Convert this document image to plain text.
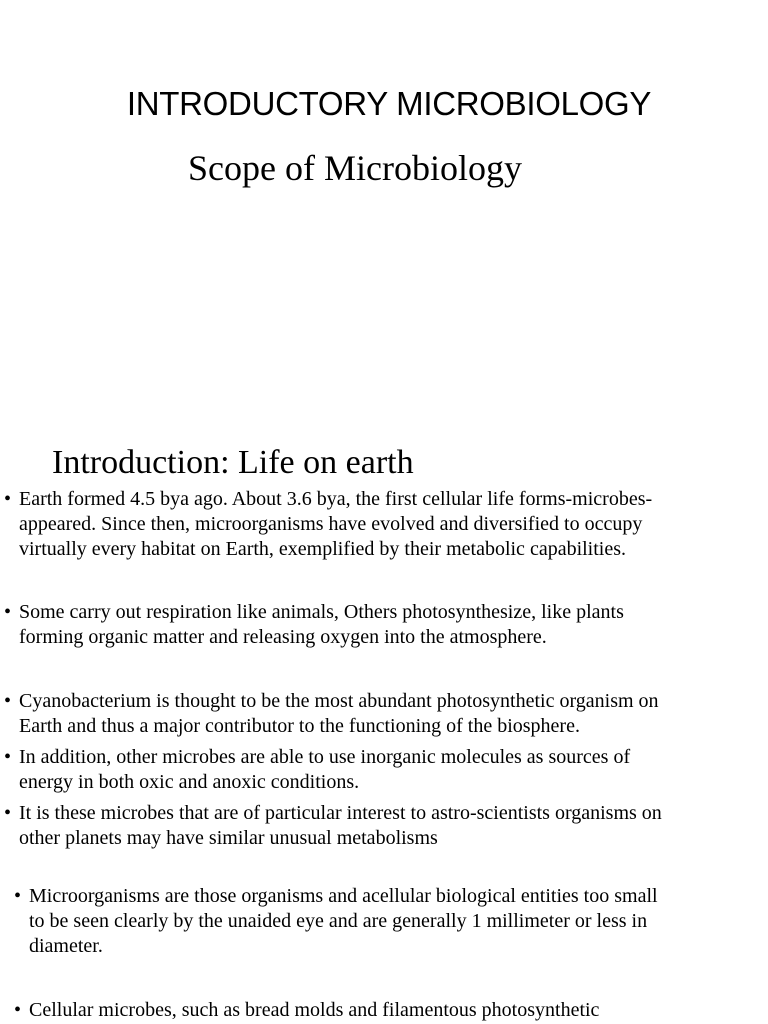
INTRODUCTORY MICROBIOLOGY
Scope of Microbiology
Introduction: Life on earth
• Earth formed 4.5 bya ago. About 3.6 bya, the first cellular life forms-microbes-
appeared. Since then, microorganisms have evolved and diversified to occupy
virtually every habitat on Earth, exemplified by their metabolic capabilities.
• Some carry out respiration like animals, Others photosynthesize, like plants
forming organic matter and releasing oxygen into the atmosphere.
• Cyanobacterium is thought to be the most abundant photosynthetic organism on
Earth and thus a major contributor to the functioning of the biosphere.
• In addition, other microbes are able to use inorganic molecules as sources of
energy in both oxic and anoxic conditions.
• It is these microbes that are of particular interest to astro-scientists organisms on
other planets may have similar unusual metabolisms
• Microorganisms are those organisms and acellular biological entities too small
to be seen clearly by the unaided eye and are generally 1 millimeter or less in
diameter.
• Cellular microbes, such as bread molds and filamentous photosynthetic
